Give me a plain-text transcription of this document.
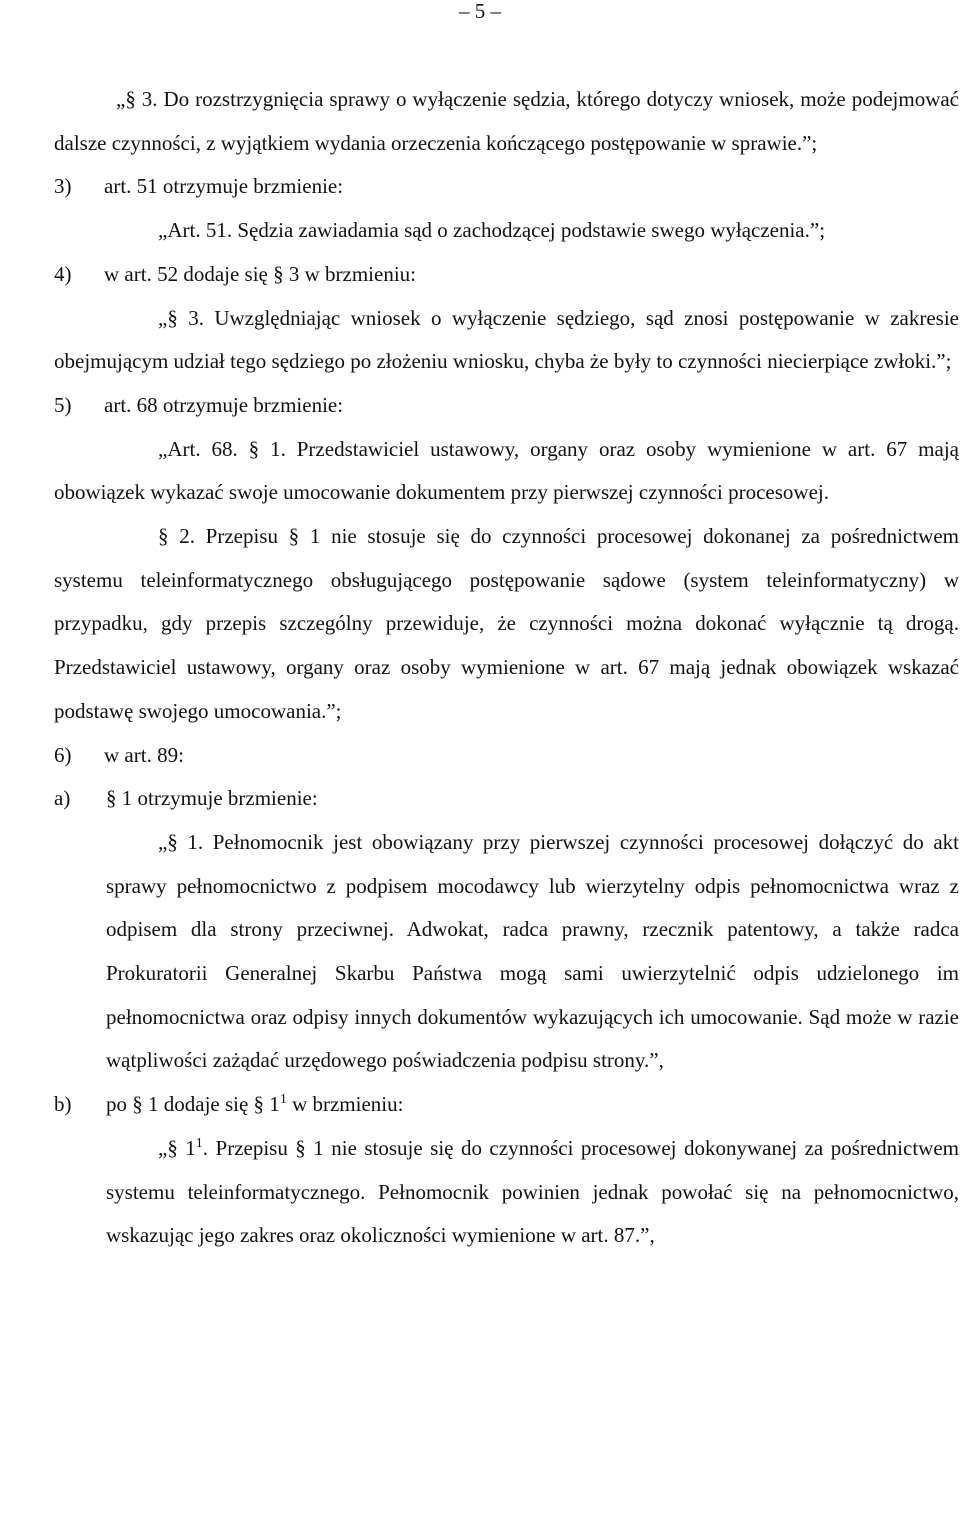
– 5 –

„§ 3. Do rozstrzygnięcia sprawy o wyłączenie sędzia, którego dotyczy wniosek, może podejmować dalsze czynności, z wyjątkiem wydania orzeczenia kończącego postępowanie w sprawie.”;

3) art. 51 otrzymuje brzmienie:

„Art. 51. Sędzia zawiadamia sąd o zachodzącej podstawie swego wyłączenia.”;

4) w art. 52 dodaje się § 3 w brzmieniu:

„§ 3. Uwzględniając wniosek o wyłączenie sędziego, sąd znosi postępowanie w zakresie obejmującym udział tego sędziego po złożeniu wniosku, chyba że były to czynności niecierpiące zwłoki.”;

5) art. 68 otrzymuje brzmienie:

„Art. 68. § 1. Przedstawiciel ustawowy, organy oraz osoby wymienione w art. 67 mają obowiązek wykazać swoje umocowanie dokumentem przy pierwszej czynności procesowej.

§ 2. Przepisu § 1 nie stosuje się do czynności procesowej dokonanej za pośrednictwem systemu teleinformatycznego obsługującego postępowanie sądowe (system teleinformatyczny) w przypadku, gdy przepis szczególny przewiduje, że czynności można dokonać wyłącznie tą drogą. Przedstawiciel ustawowy, organy oraz osoby wymienione w art. 67 mają jednak obowiązek wskazać podstawę swojego umocowania.”;

6) w art. 89:

a) § 1 otrzymuje brzmienie:

„§ 1. Pełnomocnik jest obowiązany przy pierwszej czynności procesowej dołączyć do akt sprawy pełnomocnictwo z podpisem mocodawcy lub wierzytelny odpis pełnomocnictwa wraz z odpisem dla strony przeciwnej. Adwokat, radca prawny, rzecznik patentowy, a także radca Prokuratorii Generalnej Skarbu Państwa mogą sami uwierzytelnić odpis udzielonego im pełnomocnictwa oraz odpisy innych dokumentów wykazujących ich umocowanie. Sąd może w razie wątpliwości zażądać urzędowego poświadczenia podpisu strony.”,

b) po § 1 dodaje się § $1^1$ w brzmieniu:

„§ $1^1$. Przepisu § 1 nie stosuje się do czynności procesowej dokonywanej za pośrednictwem systemu teleinformatycznego. Pełnomocnik powinien jednak powołać się na pełnomocnictwo, wskazując jego zakres oraz okoliczności wymienione w art. 87.”,
